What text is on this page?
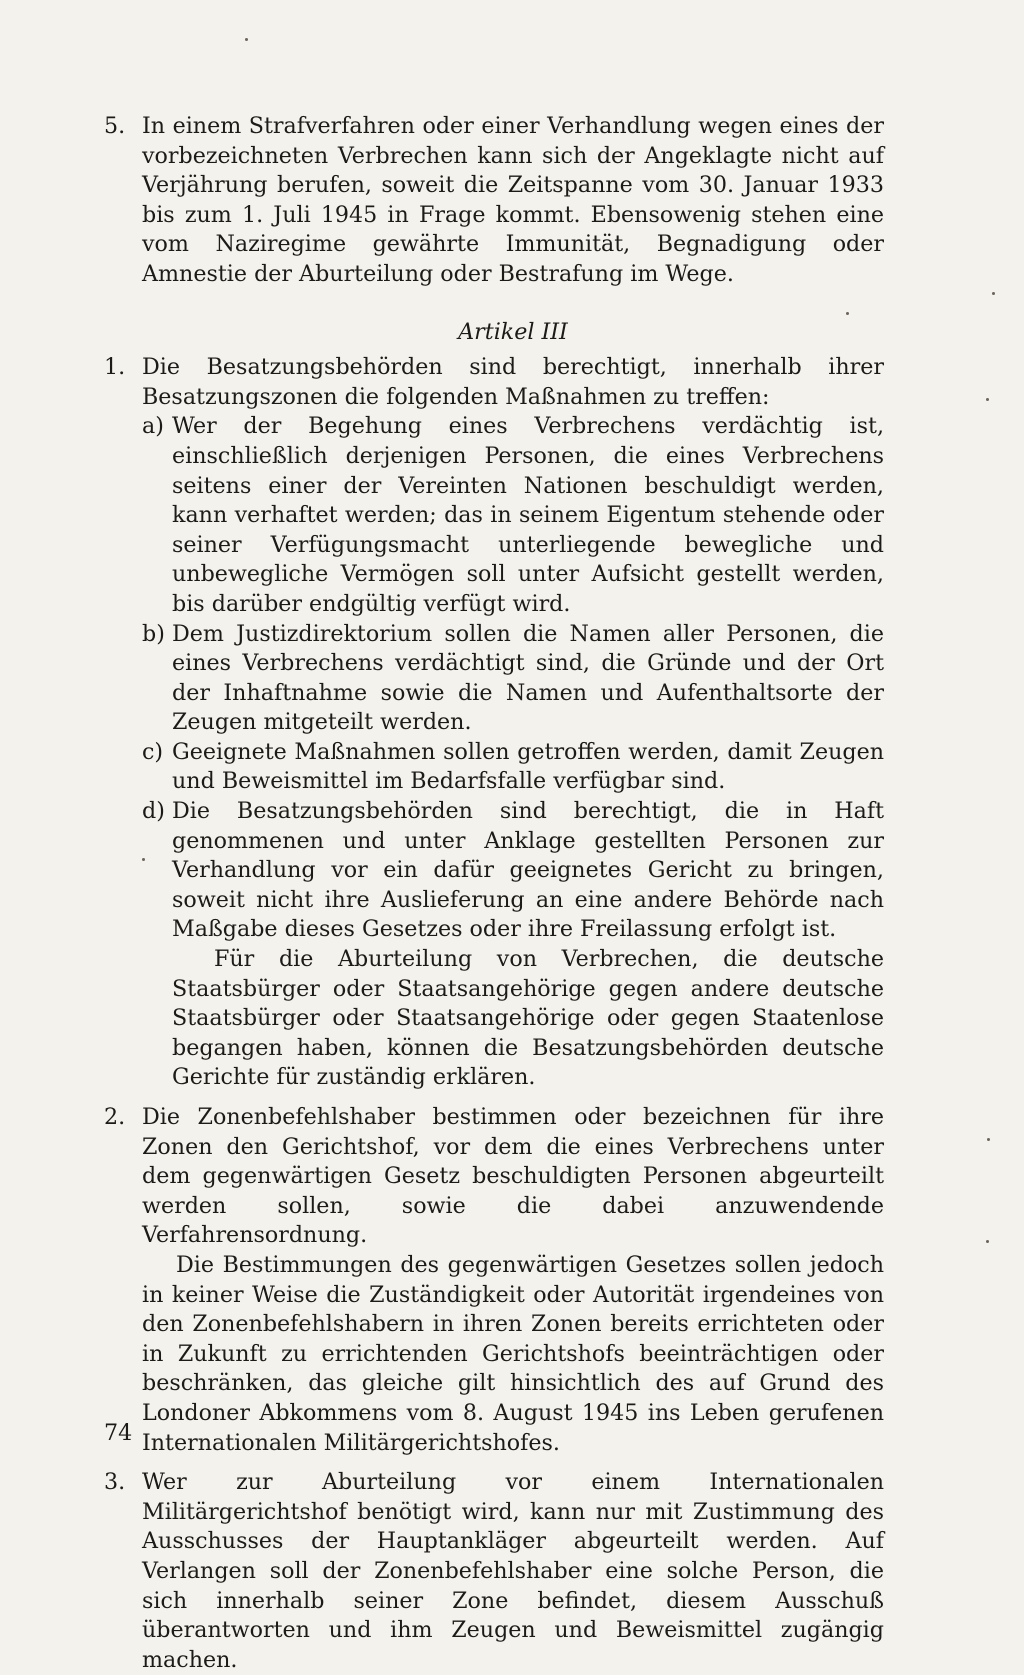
5. In einem Strafverfahren oder einer Verhandlung wegen eines der vorbezeichneten Verbrechen kann sich der Angeklagte nicht auf Verjährung berufen, soweit die Zeitspanne vom 30. Januar 1933 bis zum 1. Juli 1945 in Frage kommt. Ebensowenig stehen eine vom Naziregime gewährte Immunität, Begnadigung oder Amnestie der Aburteilung oder Bestrafung im Wege.
Artikel III
1. Die Besatzungsbehörden sind berechtigt, innerhalb ihrer Besatzungszonen die folgenden Maßnahmen zu treffen:
a) Wer der Begehung eines Verbrechens verdächtig ist, einschließlich derjenigen Personen, die eines Verbrechens seitens einer der Vereinten Nationen beschuldigt werden, kann verhaftet werden; das in seinem Eigentum stehende oder seiner Verfügungsmacht unterliegende bewegliche und unbewegliche Vermögen soll unter Aufsicht gestellt werden, bis darüber endgültig verfügt wird.
b) Dem Justizdirektorium sollen die Namen aller Personen, die eines Verbrechens verdächtigt sind, die Gründe und der Ort der Inhaftnahme sowie die Namen und Aufenthaltsorte der Zeugen mitgeteilt werden.
c) Geeignete Maßnahmen sollen getroffen werden, damit Zeugen und Beweismittel im Bedarfsfalle verfügbar sind.
d) Die Besatzungsbehörden sind berechtigt, die in Haft genommenen und unter Anklage gestellten Personen zur Verhandlung vor ein dafür geeignetes Gericht zu bringen, soweit nicht ihre Auslieferung an eine andere Behörde nach Maßgabe dieses Gesetzes oder ihre Freilassung erfolgt ist.
Für die Aburteilung von Verbrechen, die deutsche Staatsbürger oder Staatsangehörige gegen andere deutsche Staatsbürger oder Staatsangehörige oder gegen Staatenlose begangen haben, können die Besatzungsbehörden deutsche Gerichte für zuständig erklären.
2. Die Zonenbefehlshaber bestimmen oder bezeichnen für ihre Zonen den Gerichtshof, vor dem die eines Verbrechens unter dem gegenwärtigen Gesetz beschuldigten Personen abgeurteilt werden sollen, sowie die dabei anzuwendende Verfahrensordnung.
Die Bestimmungen des gegenwärtigen Gesetzes sollen jedoch in keiner Weise die Zuständigkeit oder Autorität irgendeines von den Zonenbefehlshabern in ihren Zonen bereits errichteten oder in Zukunft zu errichtenden Gerichtshofs beeinträchtigen oder beschränken, das gleiche gilt hinsichtlich des auf Grund des Londoner Abkommens vom 8. August 1945 ins Leben gerufenen Internationalen Militärgerichtshofes.
3. Wer zur Aburteilung vor einem Internationalen Militärgerichtshof benötigt wird, kann nur mit Zustimmung des Ausschusses der Hauptankläger abgeurteilt werden. Auf Verlangen soll der Zonenbefehlshaber eine solche Person, die sich innerhalb seiner Zone befindet, diesem Ausschuß überantworten und ihm Zeugen und Beweismittel zugängig machen.
74
